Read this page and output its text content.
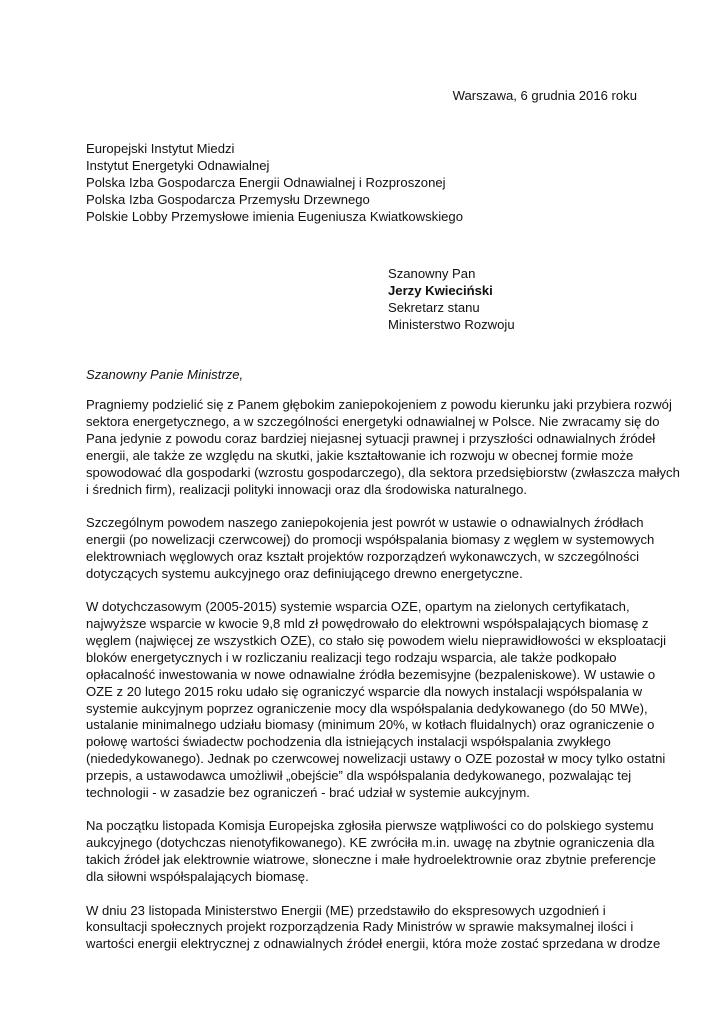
Warszawa, 6 grudnia 2016 roku
Europejski Instytut Miedzi
Instytut Energetyki Odnawialnej
Polska Izba Gospodarcza Energii Odnawialnej i Rozproszonej
Polska Izba Gospodarcza Przemysłu Drzewnego
Polskie Lobby Przemysłowe imienia Eugeniusza Kwiatkowskiego
Szanowny Pan
Jerzy Kwieciński
Sekretarz stanu
Ministerstwo Rozwoju
Szanowny Panie Ministrze,
Pragniemy podzielić się z Panem głębokim zaniepokojeniem z powodu kierunku jaki przybiera rozwój
sektora energetycznego, a w szczególności energetyki odnawialnej w Polsce. Nie zwracamy się do
Pana jedynie z powodu coraz bardziej niejasnej sytuacji prawnej i przyszłości odnawialnych źródeł
energii, ale także ze względu na skutki, jakie kształtowanie ich rozwoju w obecnej formie może
spowodować dla gospodarki (wzrostu gospodarczego), dla sektora przedsiębiorstw (zwłaszcza małych
i średnich firm), realizacji polityki innowacji oraz dla środowiska naturalnego.
Szczególnym powodem naszego zaniepokojenia jest powrót w ustawie o odnawialnych źródłach
energii (po nowelizacji czerwcowej) do promocji współspalania biomasy z węglem w systemowych
elektrowniach węglowych oraz kształt projektów rozporządzeń wykonawczych, w szczególności
dotyczących systemu aukcyjnego oraz definiującego drewno energetyczne.
W dotychczasowym (2005-2015) systemie wsparcia OZE, opartym na zielonych certyfikatach,
najwyższe wsparcie w kwocie 9,8 mld zł powędrowało do elektrowni współspalających biomasę z
węglem (najwięcej ze wszystkich OZE), co stało się powodem wielu nieprawidłowości w eksploatacji
bloków energetycznych i w rozliczaniu realizacji tego rodzaju wsparcia, ale także podkopało
opłacalność inwestowania w nowe odnawialne źródła bezemisyjne (bezpaleniskowe). W ustawie o
OZE z 20 lutego 2015 roku udało się ograniczyć wsparcie dla nowych instalacji współspalania w
systemie aukcyjnym poprzez ograniczenie mocy dla współspalania dedykowanego (do 50 MWe),
ustalanie minimalnego udziału biomasy (minimum 20%, w kotłach fluidalnych) oraz ograniczenie o
połowę wartości świadectw pochodzenia dla istniejących instalacji współspalania zwykłego
(niededykowanego). Jednak po czerwcowej nowelizacji ustawy o OZE pozostał w mocy tylko ostatni
przepis, a ustawodawca umożliwił „obejście” dla współspalania dedykowanego, pozwalając tej
technologii - w zasadzie bez ograniczeń - brać udział w systemie aukcyjnym.
Na początku listopada Komisja Europejska zgłosiła pierwsze wątpliwości co do polskiego systemu
aukcyjnego (dotychczas nienotyfikowanego). KE zwróciła m.in. uwagę na zbytnie ograniczenia dla
takich źródeł jak elektrownie wiatrowe, słoneczne i małe hydroelektrownie oraz zbytnie preferencje
dla siłowni współspalających biomasę.
W dniu 23 listopada Ministerstwo Energii (ME) przedstawiło do ekspresowych uzgodnień i
konsultacji społecznych projekt rozporządzenia Rady Ministrów w sprawie maksymalnej ilości i
wartości energii elektrycznej z odnawialnych źródeł energii, która może zostać sprzedana w drodze
